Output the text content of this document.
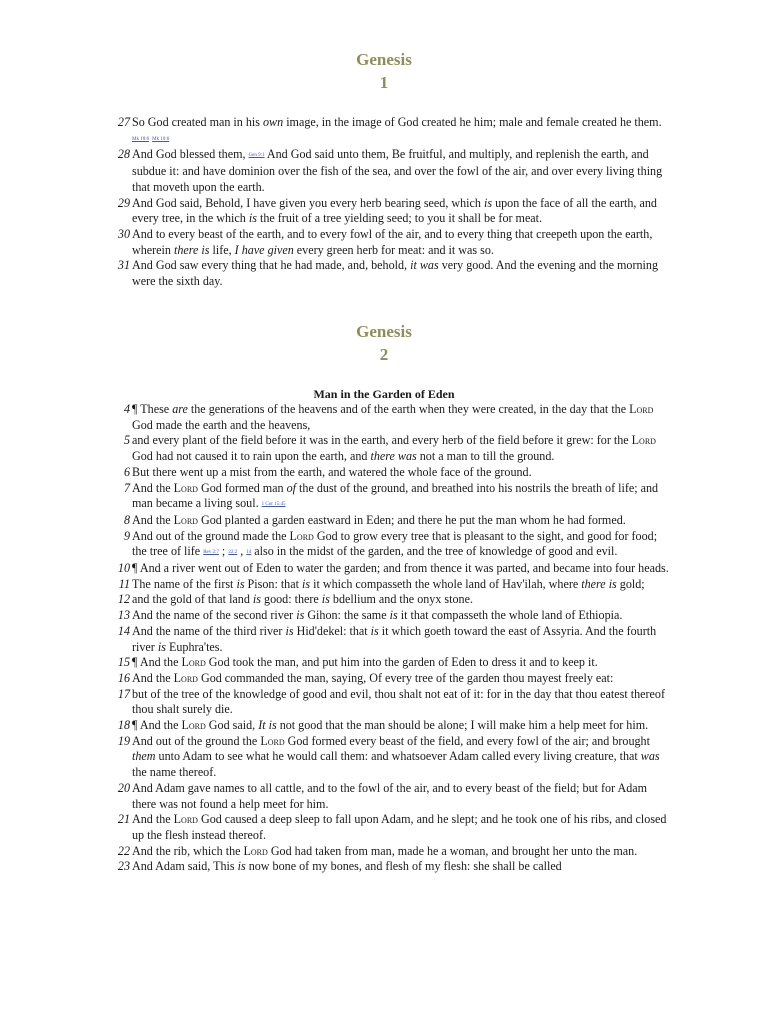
Genesis
1
27 So God created man in his own image, in the image of God created he him; male and female created he them. Mk 10:6 Mk 10:6
28 And God blessed them, Gen 9:1 And God said unto them, Be fruitful, and multiply, and replenish the earth, and subdue it: and have dominion over the fish of the sea, and over the fowl of the air, and over every living thing that moveth upon the earth.
29 And God said, Behold, I have given you every herb bearing seed, which is upon the face of all the earth, and every tree, in the which is the fruit of a tree yielding seed; to you it shall be for meat.
30 And to every beast of the earth, and to every fowl of the air, and to every thing that creepeth upon the earth, wherein there is life, I have given every green herb for meat: and it was so.
31 And God saw every thing that he had made, and, behold, it was very good. And the evening and the morning were the sixth day.
Genesis
2
Man in the Garden of Eden
4 ¶ These are the generations of the heavens and of the earth when they were created, in the day that the Lord God made the earth and the heavens,
5 and every plant of the field before it was in the earth, and every herb of the field before it grew: for the Lord God had not caused it to rain upon the earth, and there was not a man to till the ground.
6 But there went up a mist from the earth, and watered the whole face of the ground.
7 And the Lord God formed man of the dust of the ground, and breathed into his nostrils the breath of life; and man became a living soul. 1 Cor 15:45
8 And the Lord God planted a garden eastward in Eden; and there he put the man whom he had formed.
9 And out of the ground made the Lord God to grow every tree that is pleasant to the sight, and good for food; the tree of life Rev 2:7 ; 22:2 , 14 also in the midst of the garden, and the tree of knowledge of good and evil.
10 ¶ And a river went out of Eden to water the garden; and from thence it was parted, and became into four heads.
11 The name of the first is Pison: that is it which compasseth the whole land of Hav'ilah, where there is gold;
12 and the gold of that land is good: there is bdellium and the onyx stone.
13 And the name of the second river is Gihon: the same is it that compasseth the whole land of Ethiopia.
14 And the name of the third river is Hid'dekel: that is it which goeth toward the east of Assyria. And the fourth river is Euphra'tes.
15 ¶ And the Lord God took the man, and put him into the garden of Eden to dress it and to keep it.
16 And the Lord God commanded the man, saying, Of every tree of the garden thou mayest freely eat:
17 but of the tree of the knowledge of good and evil, thou shalt not eat of it: for in the day that thou eatest thereof thou shalt surely die.
18 ¶ And the Lord God said, It is not good that the man should be alone; I will make him a help meet for him.
19 And out of the ground the Lord God formed every beast of the field, and every fowl of the air; and brought them unto Adam to see what he would call them: and whatsoever Adam called every living creature, that was the name thereof.
20 And Adam gave names to all cattle, and to the fowl of the air, and to every beast of the field; but for Adam there was not found a help meet for him.
21 And the Lord God caused a deep sleep to fall upon Adam, and he slept; and he took one of his ribs, and closed up the flesh instead thereof.
22 And the rib, which the Lord God had taken from man, made he a woman, and brought her unto the man.
23 And Adam said, This is now bone of my bones, and flesh of my flesh: she shall be called
